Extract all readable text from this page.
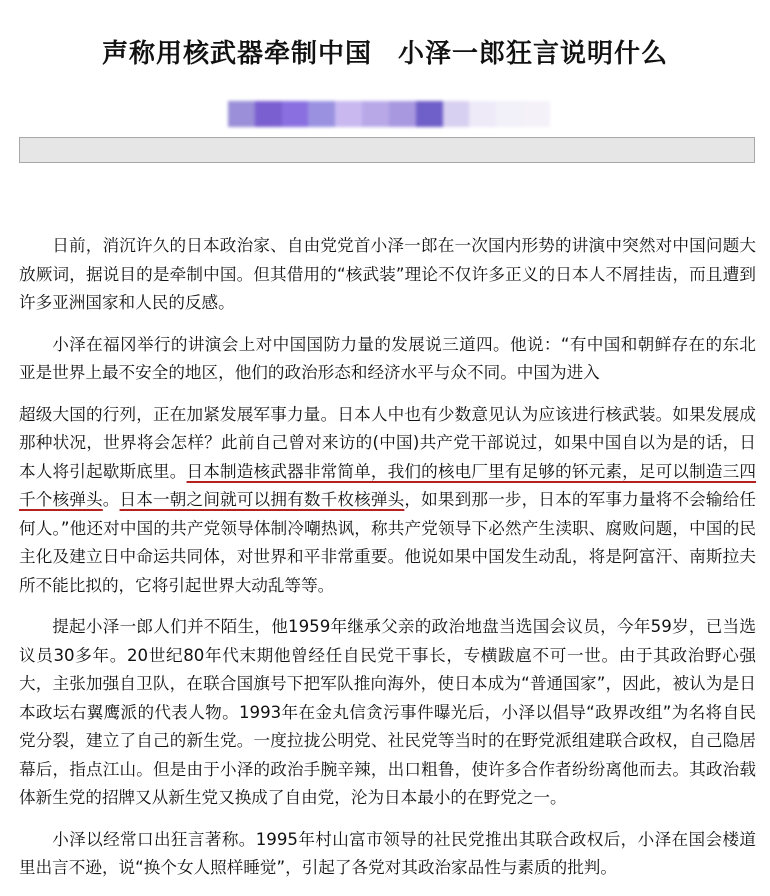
声称用核武器牵制中国 小泽一郎狂言说明什么

日前，消沉许久的日本政治家、自由党党首小泽一郎在一次国内形势的讲演中突然对中国问题大放厥词，据说目的是牵制中国。但其借用的“核武装”理论不仅许多正义的日本人不屑挂齿，而且遭到许多亚洲国家和人民的反感。

小泽在福冈举行的讲演会上对中国国防力量的发展说三道四。他说：“有中国和朝鲜存在的东北亚是世界上最不安全的地区，他们的政治形态和经济水平与众不同。中国为进入

超级大国的行列，正在加紧发展军事力量。日本人中也有少数意见认为应该进行核武装。如果发展成那种状况，世界将会怎样？此前自己曾对来访的(中国)共产党干部说过，如果中国自以为是的话，日本人将引起歇斯底里。日本制造核武器非常简单，我们的核电厂里有足够的钚元素，足可以制造三四千个核弹头。日本一朝之间就可以拥有数千枚核弹头，如果到那一步，日本的军事力量将不会输给任何人。”他还对中国的共产党领导体制冷嘲热讽，称共产党领导下必然产生渎职、腐败问题，中国的民主化及建立日中命运共同体，对世界和平非常重要。他说如果中国发生动乱，将是阿富汗、南斯拉夫所不能比拟的，它将引起世界大动乱等等。

提起小泽一郎人们并不陌生，他1959年继承父亲的政治地盘当选国会议员，今年59岁，已当选议员30多年。20世纪80年代末期他曾经任自民党干事长，专横跋扈不可一世。由于其政治野心强大，主张加强自卫队，在联合国旗号下把军队推向海外，使日本成为“普通国家”，因此，被认为是日本政坛右翼鹰派的代表人物。1993年在金丸信贪污事件曝光后，小泽以倡导“政界改组”为名将自民党分裂，建立了自己的新生党。一度拉拢公明党、社民党等当时的在野党派组建联合政权，自己隐居幕后，指点江山。但是由于小泽的政治手腕辛辣，出口粗鲁，使许多合作者纷纷离他而去。其政治载体新生党的招牌又从新生党又换成了自由党，沦为日本最小的在野党之一。

小泽以经常口出狂言著称。1995年村山富市领导的社民党推出其联合政权后，小泽在国会楼道里出言不逊，说“换个女人照样睡觉”，引起了各党对其政治家品性与素质的批判。
